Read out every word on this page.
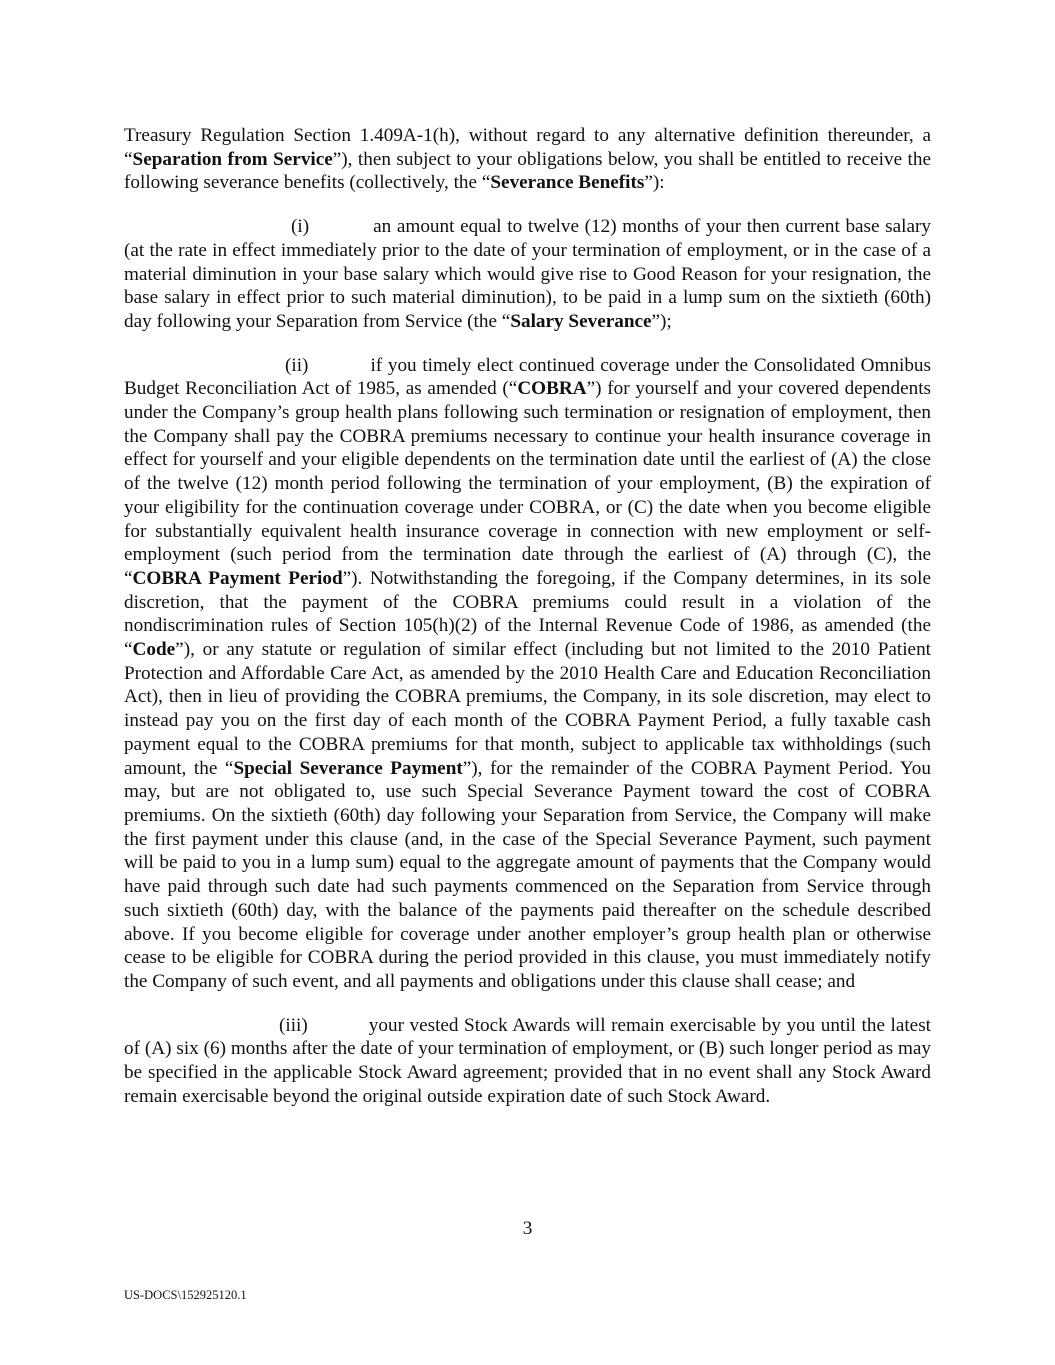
Treasury Regulation Section 1.409A-1(h), without regard to any alternative definition thereunder, a “Separation from Service”), then subject to your obligations below, you shall be entitled to receive the following severance benefits (collectively, the “Severance Benefits”):

(i)	an amount equal to twelve (12) months of your then current base salary (at the rate in effect immediately prior to the date of your termination of employment, or in the case of a material diminution in your base salary which would give rise to Good Reason for your resignation, the base salary in effect prior to such material diminution), to be paid in a lump sum on the sixtieth (60th) day following your Separation from Service (the “Salary Severance”);

(ii)	if you timely elect continued coverage under the Consolidated Omnibus Budget Reconciliation Act of 1985, as amended (“COBRA”) for yourself and your covered dependents under the Company’s group health plans following such termination or resignation of employment, then the Company shall pay the COBRA premiums necessary to continue your health insurance coverage in effect for yourself and your eligible dependents on the termination date until the earliest of (A) the close of the twelve (12) month period following the termination of your employment, (B) the expiration of your eligibility for the continuation coverage under COBRA, or (C) the date when you become eligible for substantially equivalent health insurance coverage in connection with new employment or self-employment (such period from the termination date through the earliest of (A) through (C), the “COBRA Payment Period”). Notwithstanding the foregoing, if the Company determines, in its sole discretion, that the payment of the COBRA premiums could result in a violation of the nondiscrimination rules of Section 105(h)(2) of the Internal Revenue Code of 1986, as amended (the “Code”), or any statute or regulation of similar effect (including but not limited to the 2010 Patient Protection and Affordable Care Act, as amended by the 2010 Health Care and Education Reconciliation Act), then in lieu of providing the COBRA premiums, the Company, in its sole discretion, may elect to instead pay you on the first day of each month of the COBRA Payment Period, a fully taxable cash payment equal to the COBRA premiums for that month, subject to applicable tax withholdings (such amount, the “Special Severance Payment”), for the remainder of the COBRA Payment Period. You may, but are not obligated to, use such Special Severance Payment toward the cost of COBRA premiums. On the sixtieth (60th) day following your Separation from Service, the Company will make the first payment under this clause (and, in the case of the Special Severance Payment, such payment will be paid to you in a lump sum) equal to the aggregate amount of payments that the Company would have paid through such date had such payments commenced on the Separation from Service through such sixtieth (60th) day, with the balance of the payments paid thereafter on the schedule described above. If you become eligible for coverage under another employer’s group health plan or otherwise cease to be eligible for COBRA during the period provided in this clause, you must immediately notify the Company of such event, and all payments and obligations under this clause shall cease; and

(iii)	your vested Stock Awards will remain exercisable by you until the latest of (A) six (6) months after the date of your termination of employment, or (B) such longer period as may be specified in the applicable Stock Award agreement; provided that in no event shall any Stock Award remain exercisable beyond the original outside expiration date of such Stock Award.

3
US-DOCS\152925120.1
